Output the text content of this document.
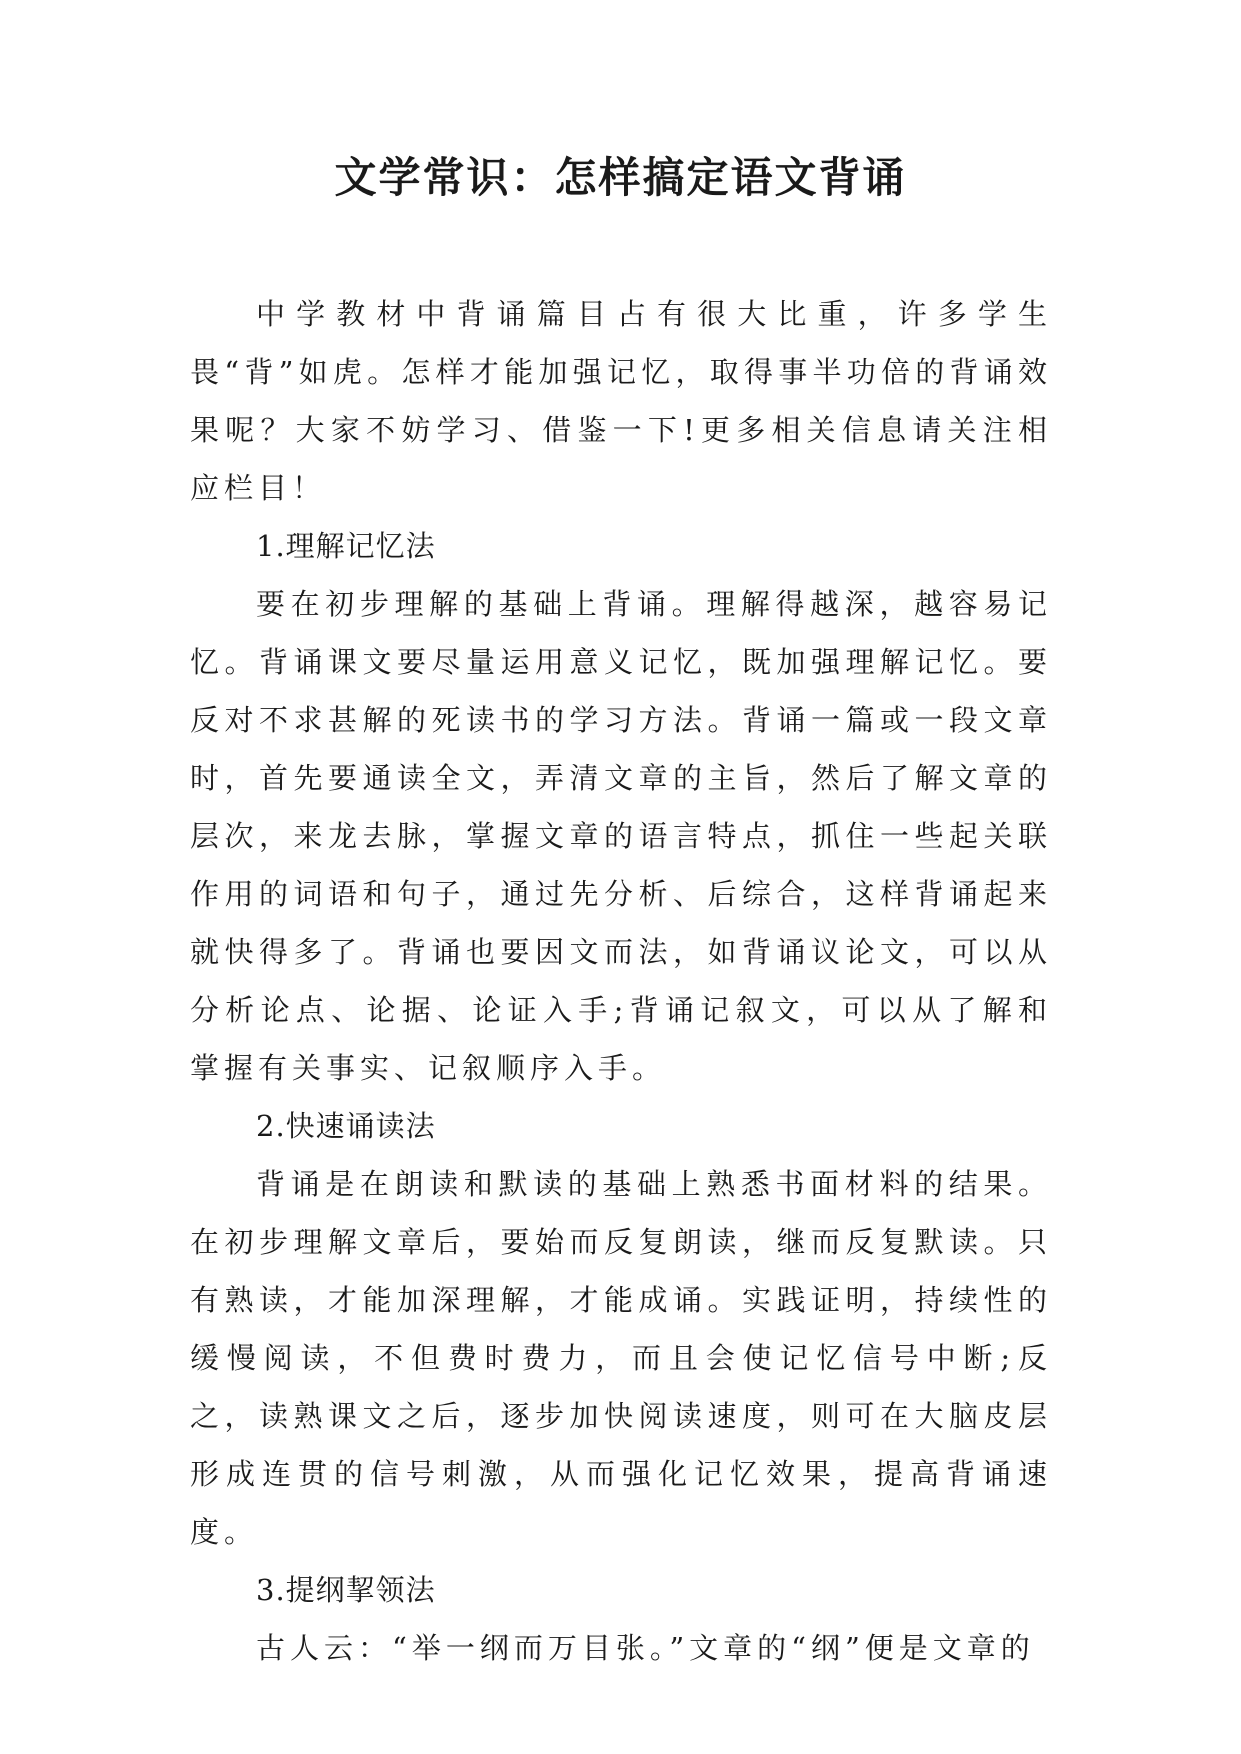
文学常识：怎样搞定语文背诵

中学教材中背诵篇目占有很大比重，许多学生畏“背”如虎。怎样才能加强记忆，取得事半功倍的背诵效果呢？大家不妨学习、借鉴一下!更多相关信息请关注相应栏目！

1.理解记忆法

要在初步理解的基础上背诵。理解得越深，越容易记忆。背诵课文要尽量运用意义记忆，既加强理解记忆。要反对不求甚解的死读书的学习方法。背诵一篇或一段文章时，首先要通读全文，弄清文章的主旨，然后了解文章的层次，来龙去脉，掌握文章的语言特点，抓住一些起关联作用的词语和句子，通过先分析、后综合，这样背诵起来就快得多了。背诵也要因文而法，如背诵议论文，可以从分析论点、论据、论证入手;背诵记叙文，可以从了解和掌握有关事实、记叙顺序入手。

2.快速诵读法

背诵是在朗读和默读的基础上熟悉书面材料的结果。在初步理解文章后，要始而反复朗读，继而反复默读。只有熟读，才能加深理解，才能成诵。实践证明，持续性的缓慢阅读，不但费时费力，而且会使记忆信号中断;反之，读熟课文之后，逐步加快阅读速度，则可在大脑皮层形成连贯的信号刺激，从而强化记忆效果，提高背诵速度。

3.提纲挈领法

古人云：“举一纲而万目张。”文章的“纲”便是文章的
